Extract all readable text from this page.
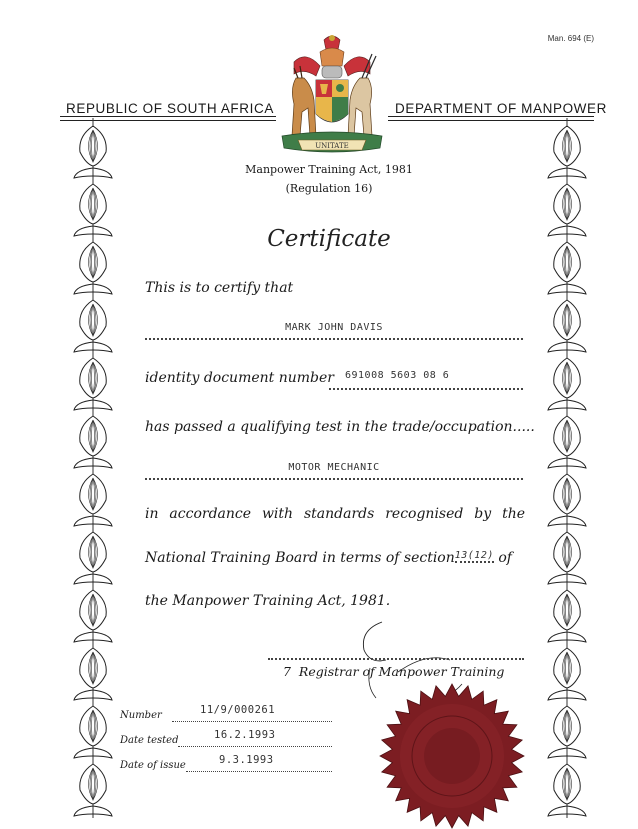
Man. 694 (E)
REPUBLIC OF SOUTH AFRICA	DEPARTMENT OF MANPOWER
UNITATE
Manpower Training Act, 1981
(Regulation 16)
Certificate
This is to certify that
MARK JOHN DAVIS
identity document number 691008 5603 08 6
has passed a qualifying test in the trade/occupation.....
MOTOR MECHANIC
in accordance with standards recognised by the
National Training Board in terms of section$^{13(12)}$ of
the Manpower Training Act, 1981.
7 Registrar of Manpower Training
Number	11/9/000261
Date tested	16.2.1993
Date of issue	9.3.1993
